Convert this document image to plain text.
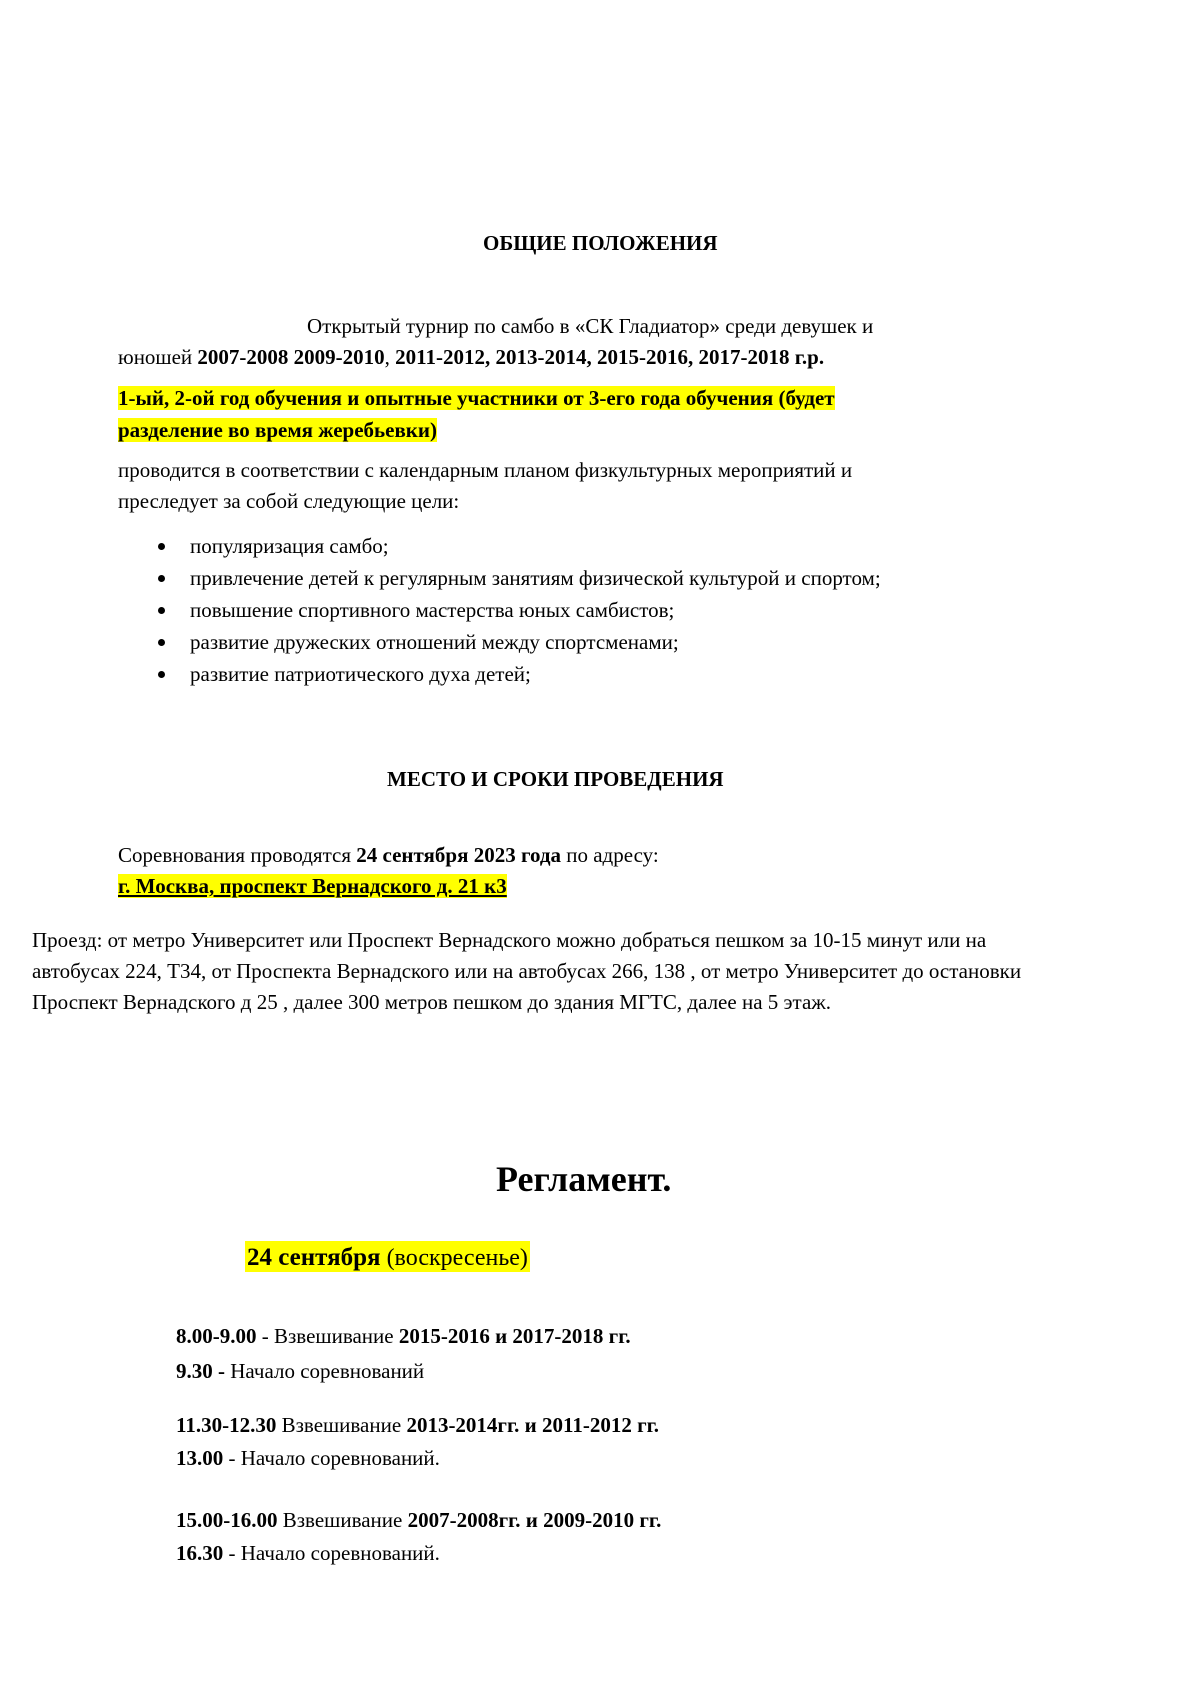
ОБЩИЕ ПОЛОЖЕНИЯ
Открытый турнир по самбо в «СК Гладиатор» среди девушек и
юношей 2007-2008 2009-2010, 2011-2012, 2013-2014, 2015-2016, 2017-2018 г.р.
1-ый, 2-ой год обучения и опытные участники от 3-его года обучения (будет
разделение во время жеребьевки)
проводится в соответствии с календарным планом физкультурных мероприятий и
преследует за собой следующие цели:
популяризация самбо;
привлечение детей к регулярным занятиям физической культурой и спортом;
повышение спортивного мастерства юных самбистов;
развитие дружеских отношений между спортсменами;
развитие патриотического духа детей;
МЕСТО И СРОКИ ПРОВЕДЕНИЯ
Соревнования проводятся 24 сентября 2023 года по адресу:
г. Москва, проспект Вернадского д. 21 к3
Проезд: от метро Университет или Проспект Вернадского можно добраться пешком за 10-15 минут или на
автобусах 224, Т34, от Проспекта Вернадского или на автобусах 266, 138 , от метро Университет до остановки
Проспект Вернадского д 25 , далее 300 метров пешком до здания МГТС, далее на 5 этаж.
Регламент.
24 сентября (воскресенье)
8.00-9.00 - Взвешивание 2015-2016 и 2017-2018 гг.
9.30 - Начало соревнований
11.30-12.30 Взвешивание 2013-2014гг. и 2011-2012 гг.
13.00 - Начало соревнований.
15.00-16.00 Взвешивание 2007-2008гг. и 2009-2010 гг.
16.30 - Начало соревнований.
